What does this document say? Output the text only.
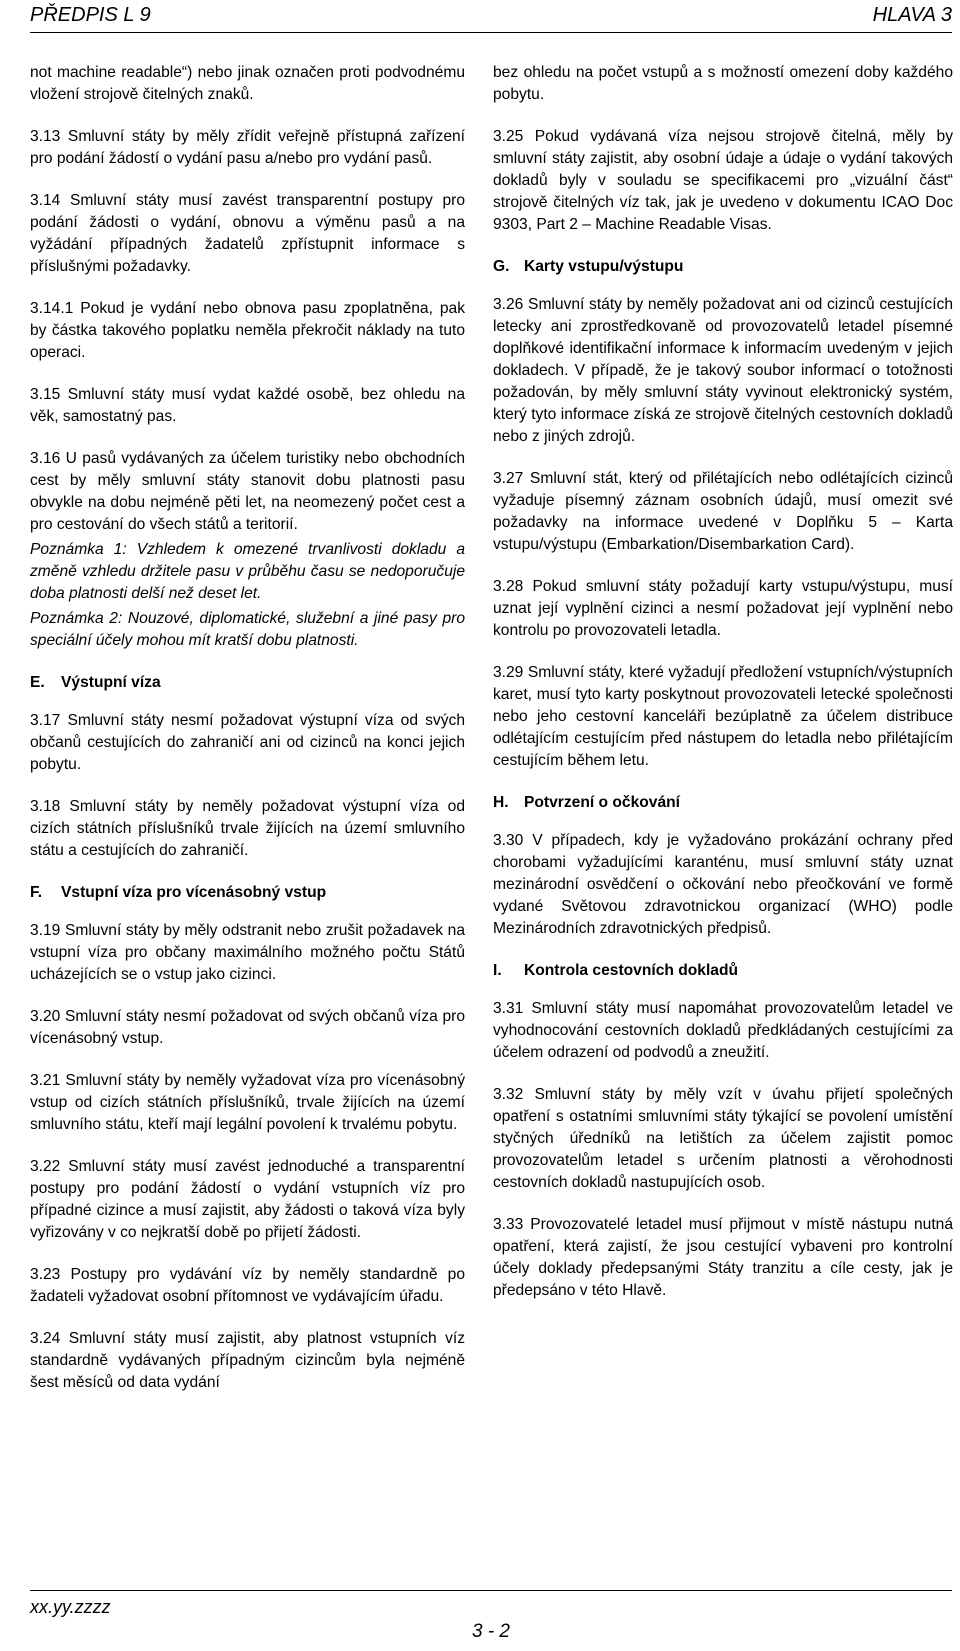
PŘEDPIS L 9	HLAVA 3

not machine readable“) nebo jinak označen proti podvodnému vložení strojově čitelných znaků.

3.13 Smluvní státy by měly zřídit veřejně přístupná zařízení pro podání žádostí o vydání pasu a/nebo pro vydání pasů.

3.14 Smluvní státy musí zavést transparentní postupy pro podání žádosti o vydání, obnovu a výměnu pasů a na vyžádání případných žadatelů zpřístupnit informace s příslušnými požadavky.

3.14.1 Pokud je vydání nebo obnova pasu zpoplatněna, pak by částka takového poplatku neměla překročit náklady na tuto operaci.

3.15 Smluvní státy musí vydat každé osobě, bez ohledu na věk, samostatný pas.

3.16 U pasů vydávaných za účelem turistiky nebo obchodních cest by měly smluvní státy stanovit dobu platnosti pasu obvykle na dobu nejméně pěti let, na neomezený počet cest a pro cestování do všech států a teritorií.

Poznámka 1: Vzhledem k omezené trvanlivosti dokladu a změně vzhledu držitele pasu v průběhu času se nedoporučuje doba platnosti delší než deset let.

Poznámka 2: Nouzové, diplomatické, služební a jiné pasy pro speciální účely mohou mít kratší dobu platnosti.

E. Výstupní víza

3.17 Smluvní státy nesmí požadovat výstupní víza od svých občanů cestujících do zahraničí ani od cizinců na konci jejich pobytu.

3.18 Smluvní státy by neměly požadovat výstupní víza od cizích státních příslušníků trvale žijících na území smluvního státu a cestujících do zahraničí.

F. Vstupní víza pro vícenásobný vstup

3.19 Smluvní státy by měly odstranit nebo zrušit požadavek na vstupní víza pro občany maximálního možného počtu Států ucházejících se o vstup jako cizinci.

3.20 Smluvní státy nesmí požadovat od svých občanů víza pro vícenásobný vstup.

3.21 Smluvní státy by neměly vyžadovat víza pro vícenásobný vstup od cizích státních příslušníků, trvale žijících na území smluvního státu, kteří mají legální povolení k trvalému pobytu.

3.22 Smluvní státy musí zavést jednoduché a transparentní postupy pro podání žádostí o vydání vstupních víz pro případné cizince a musí zajistit, aby žádosti o taková víza byly vyřizovány v co nejkratší době po přijetí žádosti.

3.23 Postupy pro vydávání víz by neměly standardně po žadateli vyžadovat osobní přítomnost ve vydávajícím úřadu.

3.24 Smluvní státy musí zajistit, aby platnost vstupních víz standardně vydávaných případným cizincům byla nejméně šest měsíců od data vydání

bez ohledu na počet vstupů a s možností omezení doby každého pobytu.

3.25 Pokud vydávaná víza nejsou strojově čitelná, měly by smluvní státy zajistit, aby osobní údaje a údaje o vydání takových dokladů byly v souladu se specifikacemi pro „vizuální část“ strojově čitelných víz tak, jak je uvedeno v dokumentu ICAO Doc 9303, Part 2 – Machine Readable Visas.

G. Karty vstupu/výstupu

3.26 Smluvní státy by neměly požadovat ani od cizinců cestujících letecky ani zprostředkovaně od provozovatelů letadel písemné doplňkové identifikační informace k informacím uvedeným v jejich dokladech. V případě, že je takový soubor informací o totožnosti požadován, by měly smluvní státy vyvinout elektronický systém, který tyto informace získá ze strojově čitelných cestovních dokladů nebo z jiných zdrojů.

3.27 Smluvní stát, který od přilétajících nebo odlétajících cizinců vyžaduje písemný záznam osobních údajů, musí omezit své požadavky na informace uvedené v Doplňku 5 – Karta vstupu/výstupu (Embarkation/Disembarkation Card).

3.28 Pokud smluvní státy požadují karty vstupu/výstupu, musí uznat její vyplnění cizinci a nesmí požadovat její vyplnění nebo kontrolu po provozovateli letadla.

3.29 Smluvní státy, které vyžadují předložení vstupních/výstupních karet, musí tyto karty poskytnout provozovateli letecké společnosti nebo jeho cestovní kanceláři bezúplatně za účelem distribuce odlétajícím cestujícím před nástupem do letadla nebo přilétajícím cestujícím během letu.

H. Potvrzení o očkování

3.30 V případech, kdy je vyžadováno prokázání ochrany před chorobami vyžadujícími karanténu, musí smluvní státy uznat mezinárodní osvědčení o očkování nebo přeočkování ve formě vydané Světovou zdravotnickou organizací (WHO) podle Mezinárodních zdravotnických předpisů.

I. Kontrola cestovních dokladů

3.31 Smluvní státy musí napomáhat provozovatelům letadel ve vyhodnocování cestovních dokladů předkládaných cestujícími za účelem odrazení od podvodů a zneužití.

3.32 Smluvní státy by měly vzít v úvahu přijetí společných opatření s ostatními smluvními státy týkající se povolení umístění styčných úředníků na letištích za účelem zajistit pomoc provozovatelům letadel s určením platnosti a věrohodnosti cestovních dokladů nastupujících osob.

3.33 Provozovatelé letadel musí přijmout v místě nástupu nutná opatření, která zajistí, že jsou cestující vybaveni pro kontrolní účely doklady předepsanými Státy tranzitu a cíle cesty, jak je předepsáno v této Hlavě.

xx.yy.zzzz
3 - 2
